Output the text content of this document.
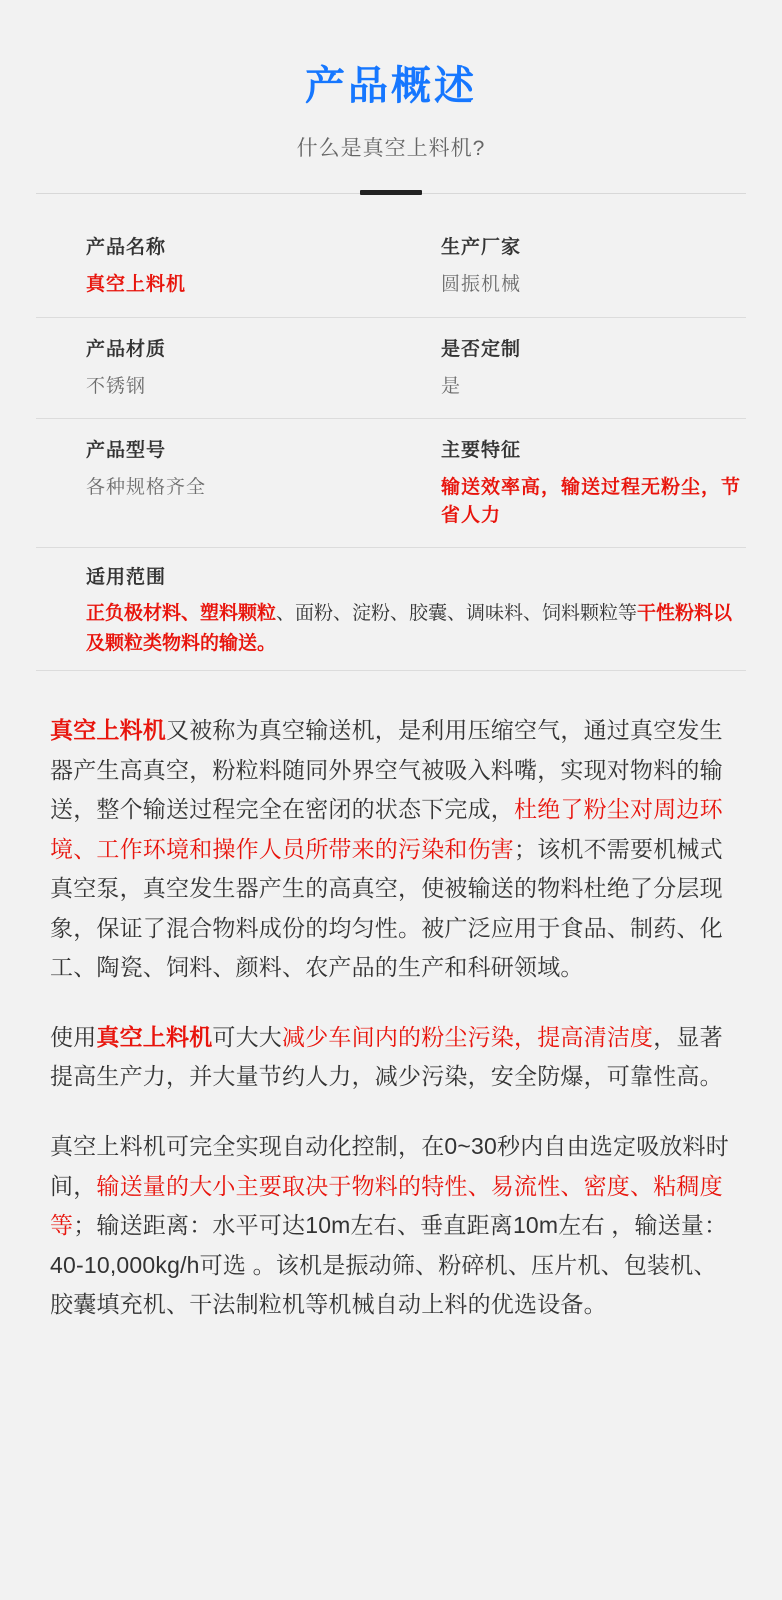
产品概述
什么是真空上料机?
产品名称
真空上料机
生产厂家
圆振机械
产品材质
不锈钢
是否定制
是
产品型号
各种规格齐全
主要特征
输送效率高，输送过程无粉尘，节省人力
适用范围
正负极材料、塑料颗粒、面粉、淀粉、胶囊、调味料、饲料颗粒等干性粉料以及颗粒类物料的输送。

真空上料机又被称为真空输送机，是利用压缩空气，通过真空发生器产生高真空，粉粒料随同外界空气被吸入料嘴，实现对物料的输送，整个输送过程完全在密闭的状态下完成，杜绝了粉尘对周边环境、工作环境和操作人员所带来的污染和伤害；该机不需要机械式真空泵，真空发生器产生的高真空，使被输送的物料杜绝了分层现象，保证了混合物料成份的均匀性。被广泛应用于食品、制药、化工、陶瓷、饲料、颜料、农产品的生产和科研领域。

使用真空上料机可大大减少车间内的粉尘污染，提高清洁度，显著提高生产力，并大量节约人力，减少污染，安全防爆，可靠性高。

真空上料机可完全实现自动化控制，在0~30秒内自由选定吸放料时间，输送量的大小主要取决于物料的特性、易流性、密度、粘稠度等；输送距离：水平可达10m左右、垂直距离10m左右 ，输送量：40-10,000kg/h可选 。该机是振动筛、粉碎机、压片机、包装机、胶囊填充机、干法制粒机等机械自动上料的优选设备。
